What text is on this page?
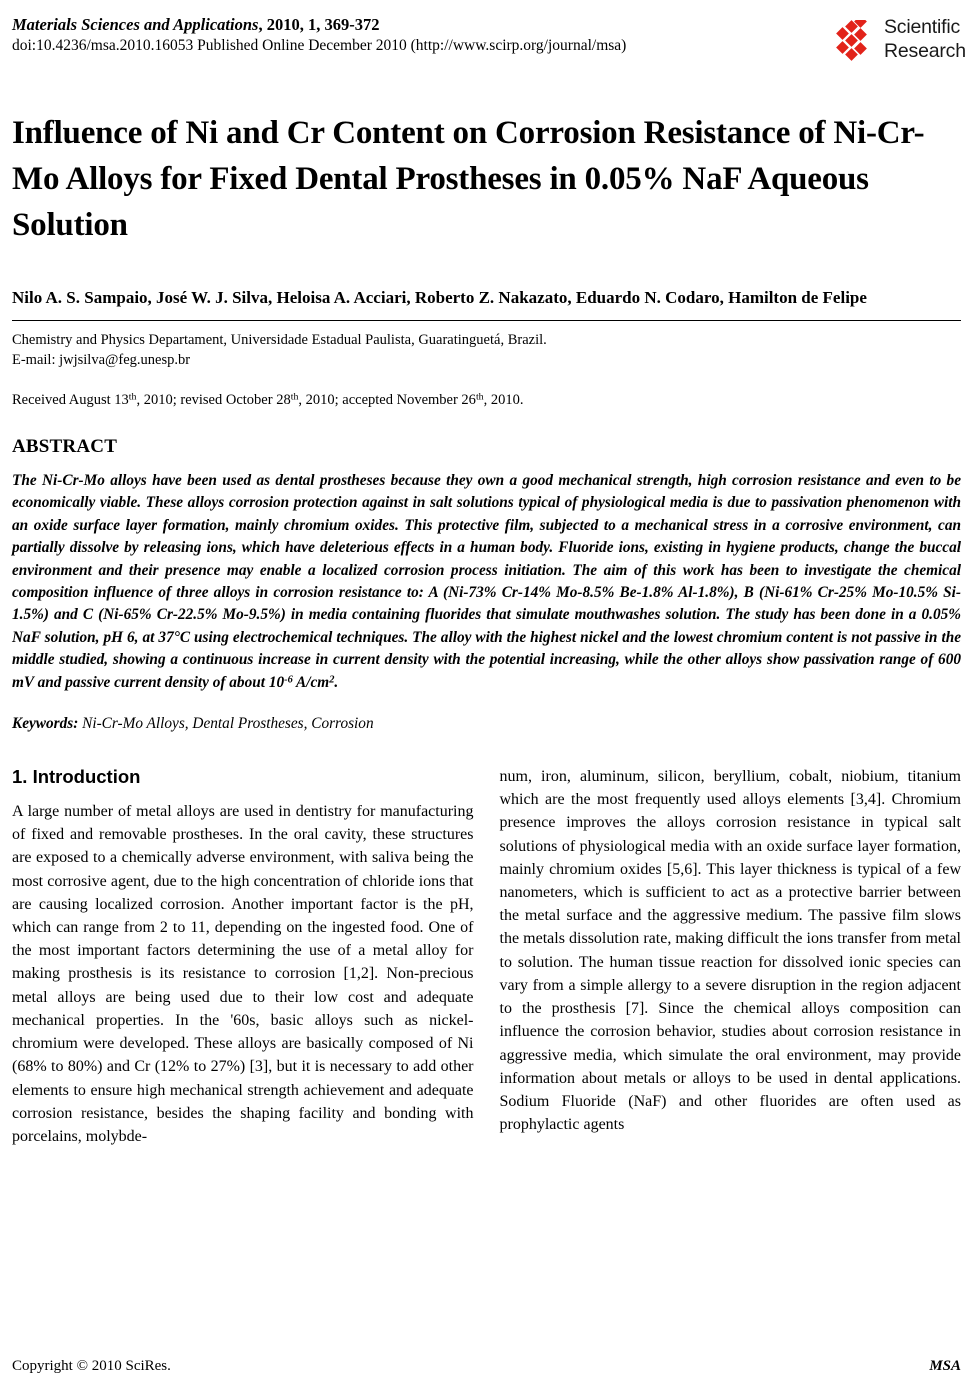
Materials Sciences and Applications, 2010, 1, 369-372
doi:10.4236/msa.2010.16053 Published Online December 2010 (http://www.scirp.org/journal/msa)
Scientific
Research
Influence of Ni and Cr Content on Corrosion Resistance of Ni-Cr-Mo Alloys for Fixed Dental Prostheses in 0.05% NaF Aqueous Solution
Nilo A. S. Sampaio, José W. J. Silva, Heloisa A. Acciari, Roberto Z. Nakazato, Eduardo N. Codaro, Hamilton de Felipe
Chemistry and Physics Departament, Universidade Estadual Paulista, Guaratinguetá, Brazil.
E-mail: jwjsilva@feg.unesp.br
Received August 13th, 2010; revised October 28th, 2010; accepted November 26th, 2010.
ABSTRACT
The Ni-Cr-Mo alloys have been used as dental prostheses because they own a good mechanical strength, high corrosion resistance and even to be economically viable. These alloys corrosion protection against in salt solutions typical of physiological media is due to passivation phenomenon with an oxide surface layer formation, mainly chromium oxides. This protective film, subjected to a mechanical stress in a corrosive environment, can partially dissolve by releasing ions, which have deleterious effects in a human body. Fluoride ions, existing in hygiene products, change the buccal environment and their presence may enable a localized corrosion process initiation. The aim of this work has been to investigate the chemical composition influence of three alloys in corrosion resistance to: A (Ni-73% Cr-14% Mo-8.5% Be-1.8% Al-1.8%), B (Ni-61% Cr-25% Mo-10.5% Si-1.5%) and C (Ni-65% Cr-22.5% Mo-9.5%) in media containing fluorides that simulate mouthwashes solution. The study has been done in a 0.05% NaF solution, pH 6, at 37°C using electrochemical techniques. The alloy with the highest nickel and the lowest chromium content is not passive in the middle studied, showing a continuous increase in current density with the potential increasing, while the other alloys show passivation range of 600 mV and passive current density of about $10^{-6}$ $A/cm^2$.
Keywords: Ni-Cr-Mo Alloys, Dental Prostheses, Corrosion
1. Introduction

A large number of metal alloys are used in dentistry for manufacturing of fixed and removable prostheses. In the oral cavity, these structures are exposed to a chemically adverse environment, with saliva being the most corrosive agent, due to the high concentration of chloride ions that are causing localized corrosion. Another important factor is the pH, which can range from 2 to 11, depending on the ingested food. One of the most important factors determining the use of a metal alloy for making prosthesis is its resistance to corrosion [1,2]. Non-precious metal alloys are being used due to their low cost and adequate mechanical properties. In the '60s, basic alloys such as nickel-chromium were developed. These alloys are basically composed of Ni (68% to 80%) and Cr (12% to 27%) [3], but it is necessary to add other elements to ensure high mechanical strength achievement and adequate corrosion resistance, besides the shaping facility and bonding with porcelains, molybde-

num, iron, aluminum, silicon, beryllium, cobalt, niobium, titanium which are the most frequently used alloys elements [3,4]. Chromium presence improves the alloys corrosion resistance in typical salt solutions of physiological media with an oxide surface layer formation, mainly chromium oxides [5,6]. This layer thickness is typical of a few nanometers, which is sufficient to act as a protective barrier between the metal surface and the aggressive medium. The passive film slows the metals dissolution rate, making difficult the ions transfer from metal to solution. The human tissue reaction for dissolved ionic species can vary from a simple allergy to a severe disruption in the region adjacent to the prosthesis [7]. Since the chemical alloys composition can influence the corrosion behavior, studies about corrosion resistance in aggressive media, which simulate the oral environment, may provide information about metals or alloys to be used in dental applications. Sodium Fluoride (NaF) and other fluorides are often used as prophylactic agents

Copyright © 2010 SciRes.	MSA
